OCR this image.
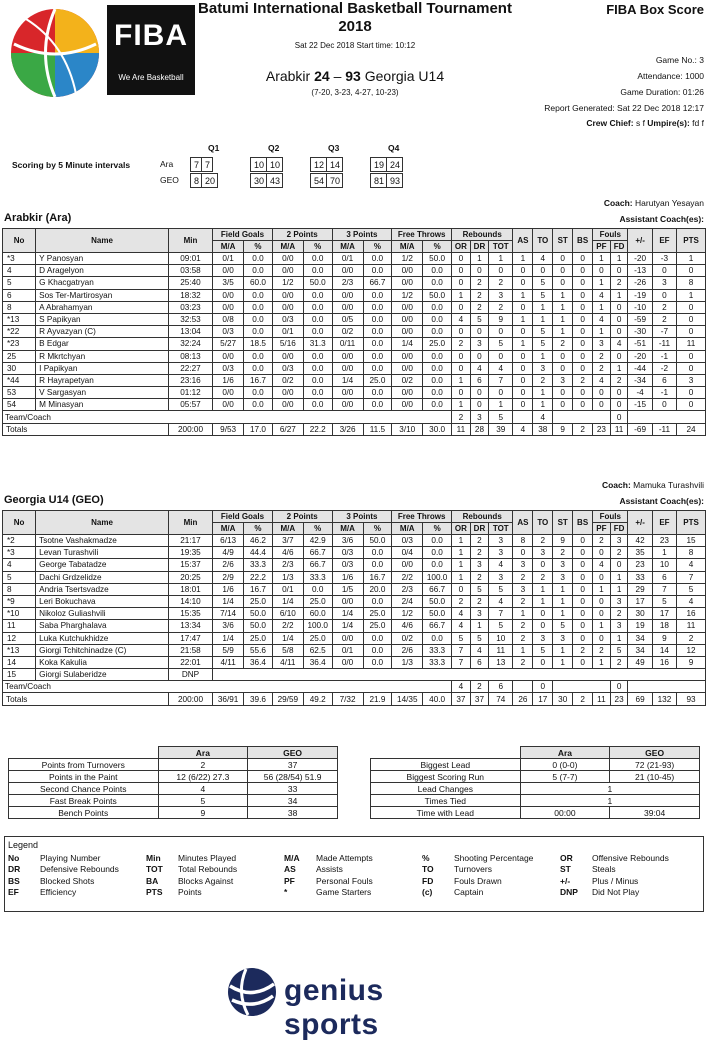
FIBA
We Are Basketball
Batumi International Basketball Tournament
2018
Sat 22 Dec 2018 Start time: 10:12
Arabkir 24 – 93 Georgia U14
(7-20, 3-23, 4-27, 10-23)
FIBA Box Score
Game No.: 3
Attendance: 1000
Game Duration: 01:26
Report Generated: Sat 22 Dec 2018 12:17
Crew Chief: s f Umpire(s): fd f
Scoring by 5 Minute intervals
Q1	Q2	Q3	Q4
Ara 7	7	10	10	12	14	19	24
GEO 8	20	30	43	54	70	81	93
Coach: Harutyan Yesayan
Arabkir (Ara)	Assistant Coach(es):
No	Name	Min	Field Goals		2 Points		3 Points		Free Throws		Rebounds			AS	TO	ST	BS	Fouls		+/-	EF	PTS
			M/A	%	M/A	%	M/A	%	M/A	%	OR	DR	TOT					PF	FD			
*3	Y Panosyan	09:01	0/1	0.0	0/0	0.0	0/1	0.0	1/2	50.0	0	1	1	1	4	0	0	1	1	-20	-3	1
4	D Aragelyon	03:58	0/0	0.0	0/0	0.0	0/0	0.0	0/0	0.0	0	0	0	0	0	0	0	0	0	-13	0	0
5	G Khacgatryan	25:40	3/5	60.0	1/2	50.0	2/3	66.7	0/0	0.0	0	2	2	0	5	0	0	1	2	-26	3	8
6	Sos Ter-Martirosyan	18:32	0/0	0.0	0/0	0.0	0/0	0.0	1/2	50.0	1	2	3	1	5	1	0	4	1	-19	0	1
8	A Abrahamyan	03:23	0/0	0.0	0/0	0.0	0/0	0.0	0/0	0.0	0	2	2	0	1	1	0	1	0	-10	2	0
*13	S Papikyan	32:53	0/8	0.0	0/3	0.0	0/5	0.0	0/0	0.0	4	5	9	1	1	1	0	4	0	-59	2	0
*22	R Ayvazyan (C)	13:04	0/3	0.0	0/1	0.0	0/2	0.0	0/0	0.0	0	0	0	0	5	1	0	1	0	-30	-7	0
*23	B Edgar	32:24	5/27	18.5	5/16	31.3	0/11	0.0	1/4	25.0	2	3	5	1	5	2	0	3	4	-51	-11	11
25	R Mkrtchyan	08:13	0/0	0.0	0/0	0.0	0/0	0.0	0/0	0.0	0	0	0	0	1	0	0	2	0	-20	-1	0
30	I Papikyan	22:27	0/3	0.0	0/3	0.0	0/0	0.0	0/0	0.0	0	4	4	0	3	0	0	2	1	-44	-2	0
*44	R Hayrapetyan	23:16	1/6	16.7	0/2	0.0	1/4	25.0	0/2	0.0	1	6	7	0	2	3	2	4	2	-34	6	3
53	V Sargasyan	01:12	0/0	0.0	0/0	0.0	0/0	0.0	0/0	0.0	0	0	0	0	1	0	0	0	0	-4	-1	0
54	M Minasyan	05:57	0/0	0.0	0/0	0.0	0/0	0.0	0/0	0.0	1	0	1	0	1	0	0	0	0	-15	0	0
Team/Coach											2	3	5		4				0			
Totals		200:00	9/53	17.0	6/27	22.2	3/26	11.5	3/10	30.0	11	28	39	4	38	9	2	23	11	-69	-11	24
Coach: Mamuka Turashvili
Georgia U14 (GEO)	Assistant Coach(es):
No	Name	Min	Field Goals		2 Points		3 Points		Free Throws		Rebounds			AS	TO	ST	BS	Fouls		+/-	EF	PTS
			M/A	%	M/A	%	M/A	%	M/A	%	OR	DR	TOT					PF	FD			
*2	Tsotne Vashakmadze	21:17	6/13	46.2	3/7	42.9	3/6	50.0	0/3	0.0	1	2	3	8	2	9	0	2	3	42	23	15
*3	Levan Turashvili	19:35	4/9	44.4	4/6	66.7	0/3	0.0	0/4	0.0	1	2	3	0	3	2	0	0	2	35	1	8
4	George Tabatadze	15:37	2/6	33.3	2/3	66.7	0/3	0.0	0/0	0.0	1	3	4	3	0	3	0	4	0	23	10	4
5	Dachi Grdzelidze	20:25	2/9	22.2	1/3	33.3	1/6	16.7	2/2	100.0	1	2	3	2	2	3	0	0	1	33	6	7
8	Andria Tsertsvadze	18:01	1/6	16.7	0/1	0.0	1/5	20.0	2/3	66.7	0	5	5	3	1	1	0	1	1	29	7	5
*9	Leri Bokuchava	14:10	1/4	25.0	1/4	25.0	0/0	0.0	2/4	50.0	2	2	4	2	1	1	0	0	3	17	5	4
*10	Nikoloz Guliashvili	15:35	7/14	50.0	6/10	60.0	1/4	25.0	1/2	50.0	4	3	7	1	0	1	0	0	2	30	17	16
11	Saba Pharghalava	13:34	3/6	50.0	2/2	100.0	1/4	25.0	4/6	66.7	4	1	5	2	0	5	0	1	3	19	18	11
12	Luka Kutchukhidze	17:47	1/4	25.0	1/4	25.0	0/0	0.0	0/2	0.0	5	5	10	2	3	3	0	0	1	34	9	2
*13	Giorgi Tchitchinadze (C)	21:58	5/9	55.6	5/8	62.5	0/1	0.0	2/6	33.3	7	4	11	1	5	1	2	2	5	34	14	12
14	Koka Kakulia	22:01	4/11	36.4	4/11	36.4	0/0	0.0	1/3	33.3	7	6	13	2	0	1	0	1	2	49	16	9
15	Giorgi Sulaberidze	DNP																				
Team/Coach											4	2	6		0				0			
Totals		200:00	36/91	39.6	29/59	49.2	7/32	21.9	14/35	40.0	37	37	74	26	17	30	2	11	23	69	132	93
	Ara	GEO
Points from Turnovers	2	37
Points in the Paint	12 (6/22) 27.3	56 (28/54) 51.9
Second Chance Points	4	33
Fast Break Points	5	34
Bench Points	9	38
	Ara	GEO
Biggest Lead	0 (0-0)	72 (21-93)
Biggest Scoring Run	5 (7-7)	21 (10-45)
Lead Changes	1	
Times Tied	1	
Time with Lead	00:00	39:04
Legend
No	Playing Number	Min	Minutes Played	M/A	Made Attempts	%	Shooting Percentage	OR	Offensive Rebounds
DR	Defensive Rebounds	TOT	Total Rebounds	AS	Assists	TO	Turnovers	ST	Steals
BS	Blocked Shots	BA	Blocks Against	PF	Personal Fouls	FD	Fouls Drawn	+/-	Plus / Minus
EF	Efficiency	PTS	Points	*	Game Starters	(c)	Captain	DNP	Did Not Play
genius sports
